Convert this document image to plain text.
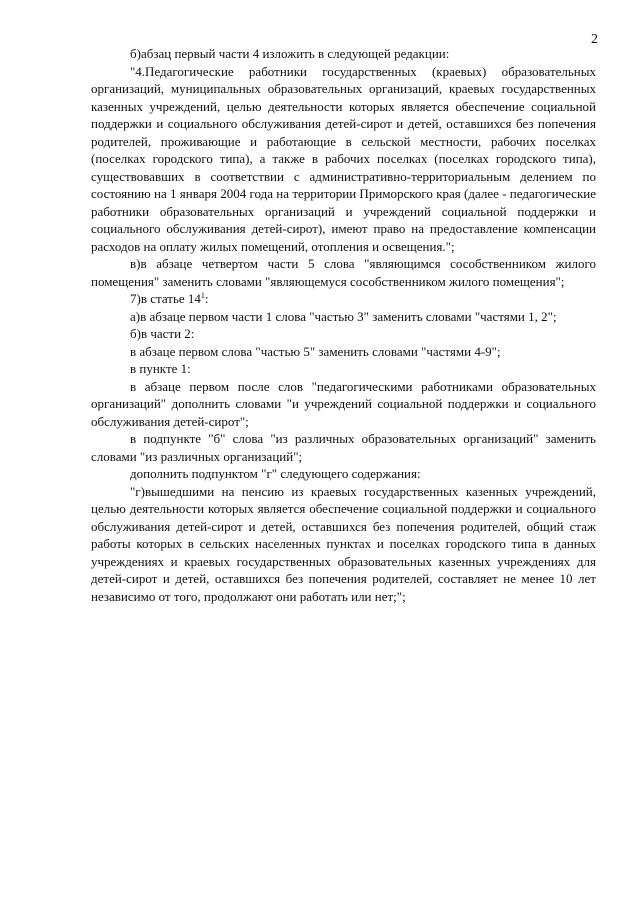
2

б)абзац первый части 4 изложить в следующей редакции:

"4.Педагогические работники государственных (краевых) образовательных организаций, муниципальных образовательных организаций, краевых государственных казенных учреждений, целью деятельности которых является обеспечение социальной поддержки и социального обслуживания детей-сирот и детей, оставшихся без попечения родителей, проживающие и работающие в сельской местности, рабочих поселках (поселках городского типа), а также в рабочих поселках (поселках городского типа), существовавших в соответствии с административно-территориальным делением по состоянию на 1 января 2004 года на территории Приморского края (далее - педагогические работники образовательных организаций и учреждений социальной поддержки и социального обслуживания детей-сирот), имеют право на предоставление компенсации расходов на оплату жилых помещений, отопления и освещения.";

в)в абзаце четвертом части 5 слова "являющимся сособственником жилого помещения" заменить словами "являющемуся сособственником жилого помещения";

7)в статье $14^1$:

а)в абзаце первом части 1 слова "частью 3" заменить словами "частями 1, 2";

б)в части 2:

в абзаце первом слова "частью 5" заменить словами "частями 4-9";

в пункте 1:

в абзаце первом после слов "педагогическими работниками образовательных организаций" дополнить словами "и учреждений социальной поддержки и социального обслуживания детей-сирот";

в подпункте "б" слова "из различных образовательных организаций" заменить словами "из различных организаций";

дополнить подпунктом "г" следующего содержания:

"г)вышедшими на пенсию из краевых государственных казенных учреждений, целью деятельности которых является обеспечение социальной поддержки и социального обслуживания детей-сирот и детей, оставшихся без попечения родителей, общий стаж работы которых в сельских населенных пунктах и поселках городского типа в данных учреждениях и краевых государственных образовательных казенных учреждениях для детей-сирот и детей, оставшихся без попечения родителей, составляет не менее 10 лет независимо от того, продолжают они работать или нет;";
